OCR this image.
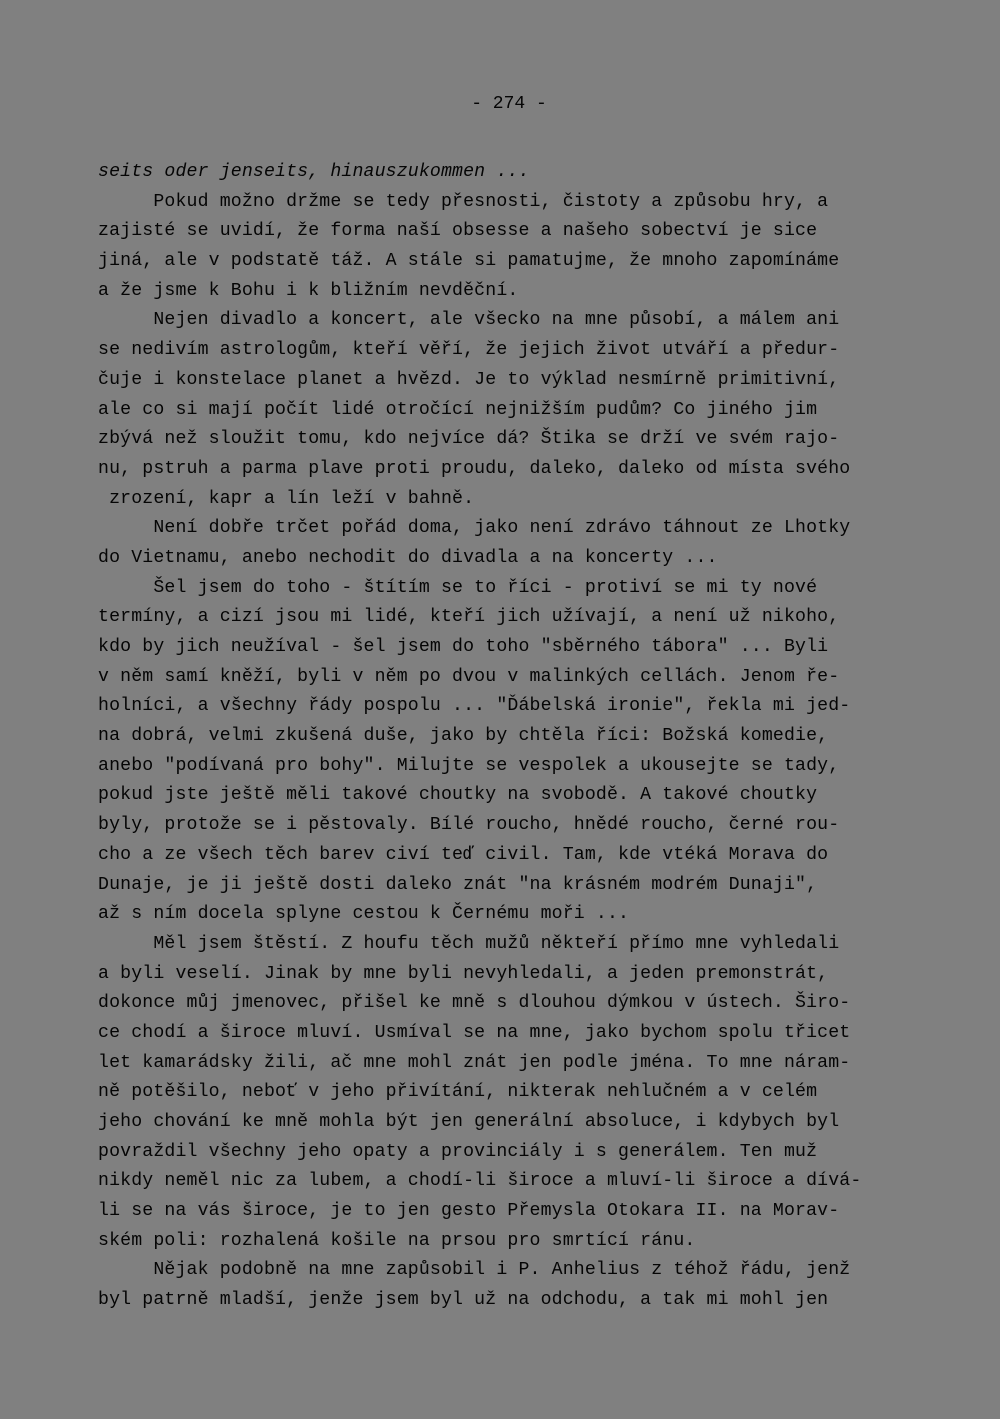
- 274 -
seits oder jenseits, hinauszukommen ...
Pokud možno držme se tedy přesnosti, čistoty a způsobu hry, a
zajisté se uvidí, že forma naší obsesse a našeho sobectví je sice
jiná, ale v podstatě táž. A stále si pamatujme, že mnoho zapomínáme
a že jsme k Bohu i k bližním nevděční.
Nejen divadlo a koncert, ale všecko na mne působí, a málem ani
se nedivím astrologům, kteří věří, že jejich život utváří a předur-
čuje i konstelace planet a hvězd. Je to výklad nesmírně primitivní,
ale co si mají počít lidé otročící nejnižším pudům? Co jiného jim
zbývá než sloužit tomu, kdo nejvíce dá? Štika se drží ve svém rajo-
nu, pstruh a parma plave proti proudu, daleko, daleko od místa svého
zrození, kapr a lín leží v bahně.
Není dobře trčet pořád doma, jako není zdrávo táhnout ze Lhotky
do Vietnamu, anebo nechodit do divadla a na koncerty ...
Šel jsem do toho - štítím se to říci - protiví se mi ty nové
termíny, a cizí jsou mi lidé, kteří jich užívají, a není už nikoho,
kdo by jich neužíval - šel jsem do toho "sběrného tábora" ... Byli
v něm samí kněží, byli v něm po dvou v malinkých cellách. Jenom ře-
holníci, a všechny řády pospolu ... "Ďábelská ironie", řekla mi jed-
na dobrá, velmi zkušená duše, jako by chtěla říci: Božská komedie,
anebo "podívaná pro bohy". Milujte se vespolek a ukousejte se tady,
pokud jste ještě měli takové choutky na svobodě. A takové choutky
byly, protože se i pěstovaly. Bílé roucho, hnědé roucho, černé rou-
cho a ze všech těch barev civí teď civil. Tam, kde vtéká Morava do
Dunaje, je ji ještě dosti daleko znát "na krásném modrém Dunaji",
až s ním docela splyne cestou k Černému moři ...
Měl jsem štěstí. Z houfu těch mužů někteří přímo mne vyhledali
a byli veselí. Jinak by mne byli nevyhledali, a jeden premonstrát,
dokonce můj jmenovec, přišel ke mně s dlouhou dýmkou v ústech. Širo-
ce chodí a široce mluví. Usmíval se na mne, jako bychom spolu třicet
let kamarádsky žili, ač mne mohl znát jen podle jména. To mne náram-
ně potěšilo, neboť v jeho přivítání, nikterak nehlučném a v celém
jeho chování ke mně mohla být jen generální absoluce, i kdybych byl
povraždil všechny jeho opaty a provinciály i s generálem. Ten muž
nikdy neměl nic za lubem, a chodí-li široce a mluví-li široce a dívá-
li se na vás široce, je to jen gesto Přemysla Otokara II. na Morav-
ském poli: rozhalená košile na prsou pro smrtící ránu.
Nějak podobně na mne zapůsobil i P. Anhelius z téhož řádu, jenž
byl patrně mladší, jenže jsem byl už na odchodu, a tak mi mohl jen
